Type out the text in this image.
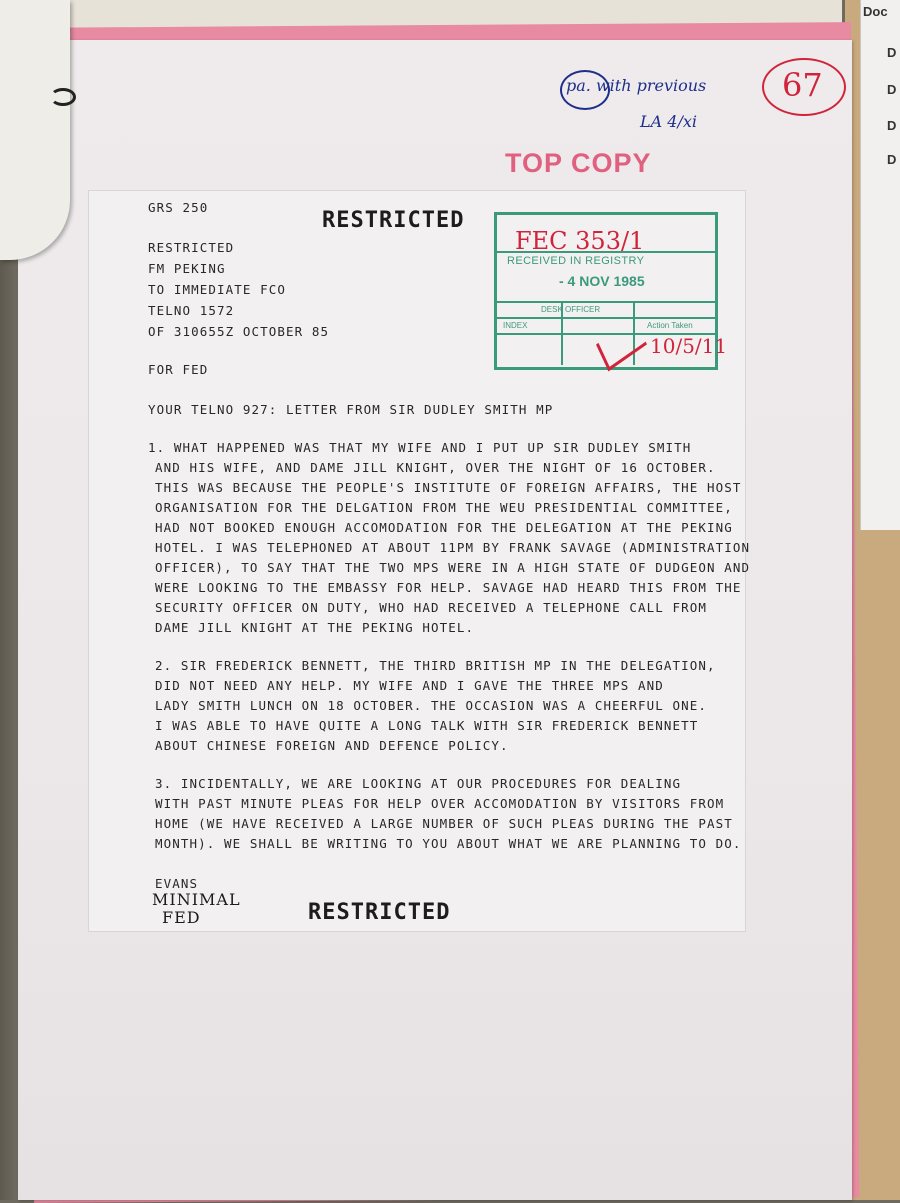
Doc
D
D
D
D
pa. with previous
LA 4/xi
67
TOP COPY
GRS 250
RESTRICTED
RESTRICTED
FM PEKING
TO IMMEDIATE FCO
TELNO 1572
OF 310655Z OCTOBER 85
FOR FED
YOUR TELNO 927: LETTER FROM SIR DUDLEY SMITH MP
1. WHAT HAPPENED WAS THAT MY WIFE AND I PUT UP SIR DUDLEY SMITH
AND HIS WIFE, AND DAME JILL KNIGHT, OVER THE NIGHT OF 16 OCTOBER.
THIS WAS BECAUSE THE PEOPLE'S INSTITUTE OF FOREIGN AFFAIRS, THE HOST
ORGANISATION FOR THE DELGATION FROM THE WEU PRESIDENTIAL COMMITTEE,
HAD NOT BOOKED ENOUGH ACCOMODATION FOR THE DELEGATION AT THE PEKING
HOTEL. I WAS TELEPHONED AT ABOUT 11PM BY FRANK SAVAGE (ADMINISTRATION
OFFICER), TO SAY THAT THE TWO MPS WERE IN A HIGH STATE OF DUDGEON AND
WERE LOOKING TO THE EMBASSY FOR HELP. SAVAGE HAD HEARD THIS FROM THE
SECURITY OFFICER ON DUTY, WHO HAD RECEIVED A TELEPHONE CALL FROM
DAME JILL KNIGHT AT THE PEKING HOTEL.
2. SIR FREDERICK BENNETT, THE THIRD BRITISH MP IN THE DELEGATION,
DID NOT NEED ANY HELP. MY WIFE AND I GAVE THE THREE MPS AND
LADY SMITH LUNCH ON 18 OCTOBER. THE OCCASION WAS A CHEERFUL ONE.
I WAS ABLE TO HAVE QUITE A LONG TALK WITH SIR FREDERICK BENNETT
ABOUT CHINESE FOREIGN AND DEFENCE POLICY.
3. INCIDENTALLY, WE ARE LOOKING AT OUR PROCEDURES FOR DEALING
WITH PAST MINUTE PLEAS FOR HELP OVER ACCOMODATION BY VISITORS FROM
HOME (WE HAVE RECEIVED A LARGE NUMBER OF SUCH PLEAS DURING THE PAST
MONTH). WE SHALL BE WRITING TO YOU ABOUT WHAT WE ARE PLANNING TO DO.
EVANS
MINIMAL
FED	RESTRICTED
FEC 353/1
RECEIVED IN REGISTRY
- 4 NOV 1985
DESK OFFICER
INDEX	Action Taken
10/5/11
